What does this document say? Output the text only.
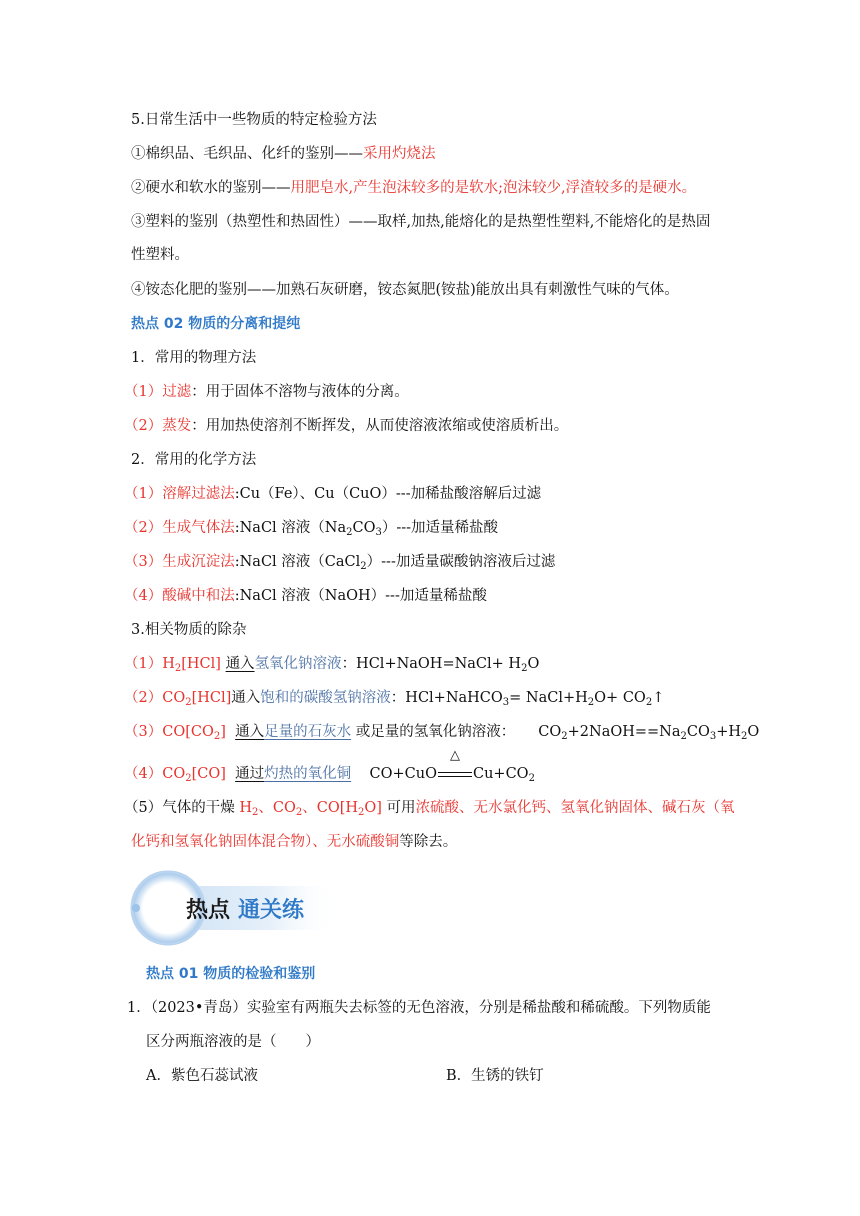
5.日常生活中一些物质的特定检验方法
①棉织品、毛织品、化纤的鉴别——采用灼烧法
②硬水和软水的鉴别——用肥皂水,产生泡沫较多的是软水;泡沫较少,浮渣较多的是硬水。
③塑料的鉴别（热塑性和热固性）——取样,加热,能熔化的是热塑性塑料,不能熔化的是热固
性塑料。
④铵态化肥的鉴别——加熟石灰研磨，铵态氮肥(铵盐)能放出具有刺激性气味的气体。
热点 02 物质的分离和提纯
1．常用的物理方法
（1）过滤：用于固体不溶物与液体的分离。
（2）蒸发：用加热使溶剂不断挥发，从而使溶液浓缩或使溶质析出。
2．常用的化学方法
（1）溶解过滤法:Cu（Fe）、Cu（CuO）---加稀盐酸溶解后过滤
（2）生成气体法:NaCl 溶液$(Na_2CO_3)---$加适量稀盐酸
（3）生成沉淀法:NaCl 溶液（CaCl$_2$）---加适量碳酸钠溶液后过滤
（4）酸碱中和法:NaCl 溶液（NaOH）---加适量稀盐酸
3.相关物质的除杂
$(1)H_2[HCl]$ 通入氢氧化钠溶液：HCl+NaOH=NaCl+ $H_2O$
$(2)CO_2[HCl]$通入饱和的碳酸氢钠溶液：HCl+NaHCO$_3$= $NaCl+H_2O+$ $CO_2↑$
$(3)CO[CO_2]$ 通入足量的石灰水 或足量的氢氧化钠溶液： $CO_2+2NaOH==Na_2CO_3+H_2O$
$(4)CO_2[CO]$ 通过灼热的氧化铜 CO+CuO
△
$Cu+CO_2$
（5）气体的干燥 $H_2$、$CO_2$、$CO[H_2O]$ 可用浓硫酸、无水氯化钙、氢氧化钠固体、碱石灰（氧
化钙和氢氧化钠固体混合物）、无水硫酸铜等除去。
热点 通关练
热点 01 物质的检验和鉴别
1．（2023•青岛）实验室有两瓶失去标签的无色溶液，分别是稀盐酸和稀硫酸。下列物质能
区分两瓶溶液的是（　　）
A．紫色石蕊试液	B．生锈的铁钉
